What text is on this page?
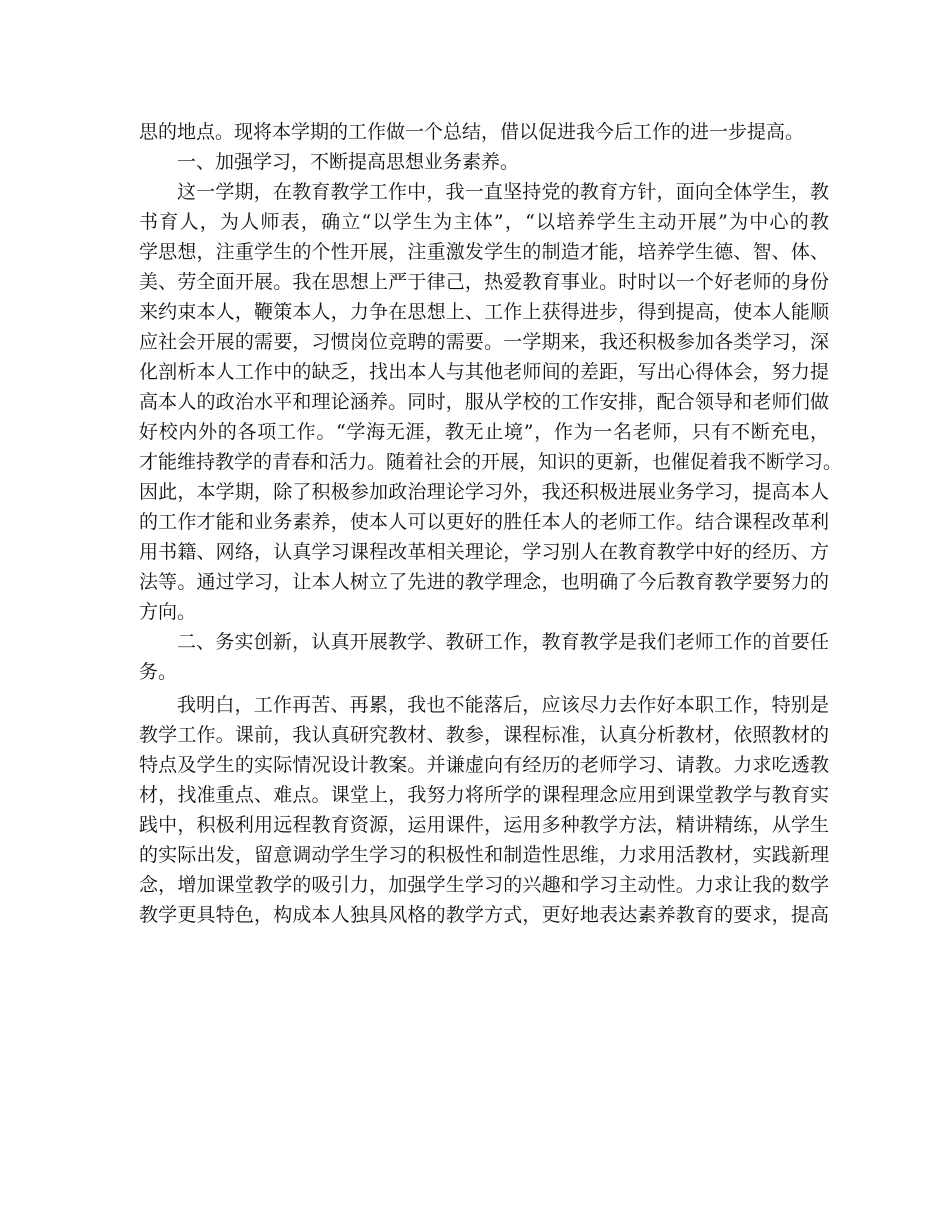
思的地点。现将本学期的工作做一个总结，借以促进我今后工作的进一步提高。
一、加强学习，不断提高思想业务素养。
这一学期，在教育教学工作中，我一直坚持党的教育方针，面向全体学生，教
书育人，为人师表，确立“以学生为主体”，“以培养学生主动开展”为中心的教
学思想，注重学生的个性开展，注重激发学生的制造才能，培养学生德、智、体、
美、劳全面开展。我在思想上严于律己，热爱教育事业。时时以一个好老师的身份
来约束本人，鞭策本人，力争在思想上、工作上获得进步，得到提高，使本人能顺
应社会开展的需要，习惯岗位竞聘的需要。一学期来，我还积极参加各类学习，深
化剖析本人工作中的缺乏，找出本人与其他老师间的差距，写出心得体会，努力提
高本人的政治水平和理论涵养。同时，服从学校的工作安排，配合领导和老师们做
好校内外的各项工作。“学海无涯，教无止境”，作为一名老师，只有不断充电，
才能维持教学的青春和活力。随着社会的开展，知识的更新，也催促着我不断学习。
因此，本学期，除了积极参加政治理论学习外，我还积极进展业务学习，提高本人
的工作才能和业务素养，使本人可以更好的胜任本人的老师工作。结合课程改革利
用书籍、网络，认真学习课程改革相关理论，学习别人在教育教学中好的经历、方
法等。通过学习，让本人树立了先进的教学理念，也明确了今后教育教学要努力的
方向。
二、务实创新，认真开展教学、教研工作，教育教学是我们老师工作的首要任
务。
我明白，工作再苦、再累，我也不能落后，应该尽力去作好本职工作，特别是
教学工作。课前，我认真研究教材、教参，课程标准，认真分析教材，依照教材的
特点及学生的实际情况设计教案。并谦虚向有经历的老师学习、请教。力求吃透教
材，找准重点、难点。课堂上，我努力将所学的课程理念应用到课堂教学与教育实
践中，积极利用远程教育资源，运用课件，运用多种教学方法，精讲精练，从学生
的实际出发，留意调动学生学习的积极性和制造性思维，力求用活教材，实践新理
念，增加课堂教学的吸引力，加强学生学习的兴趣和学习主动性。力求让我的数学
教学更具特色，构成本人独具风格的教学方式，更好地表达素养教育的要求，提高
